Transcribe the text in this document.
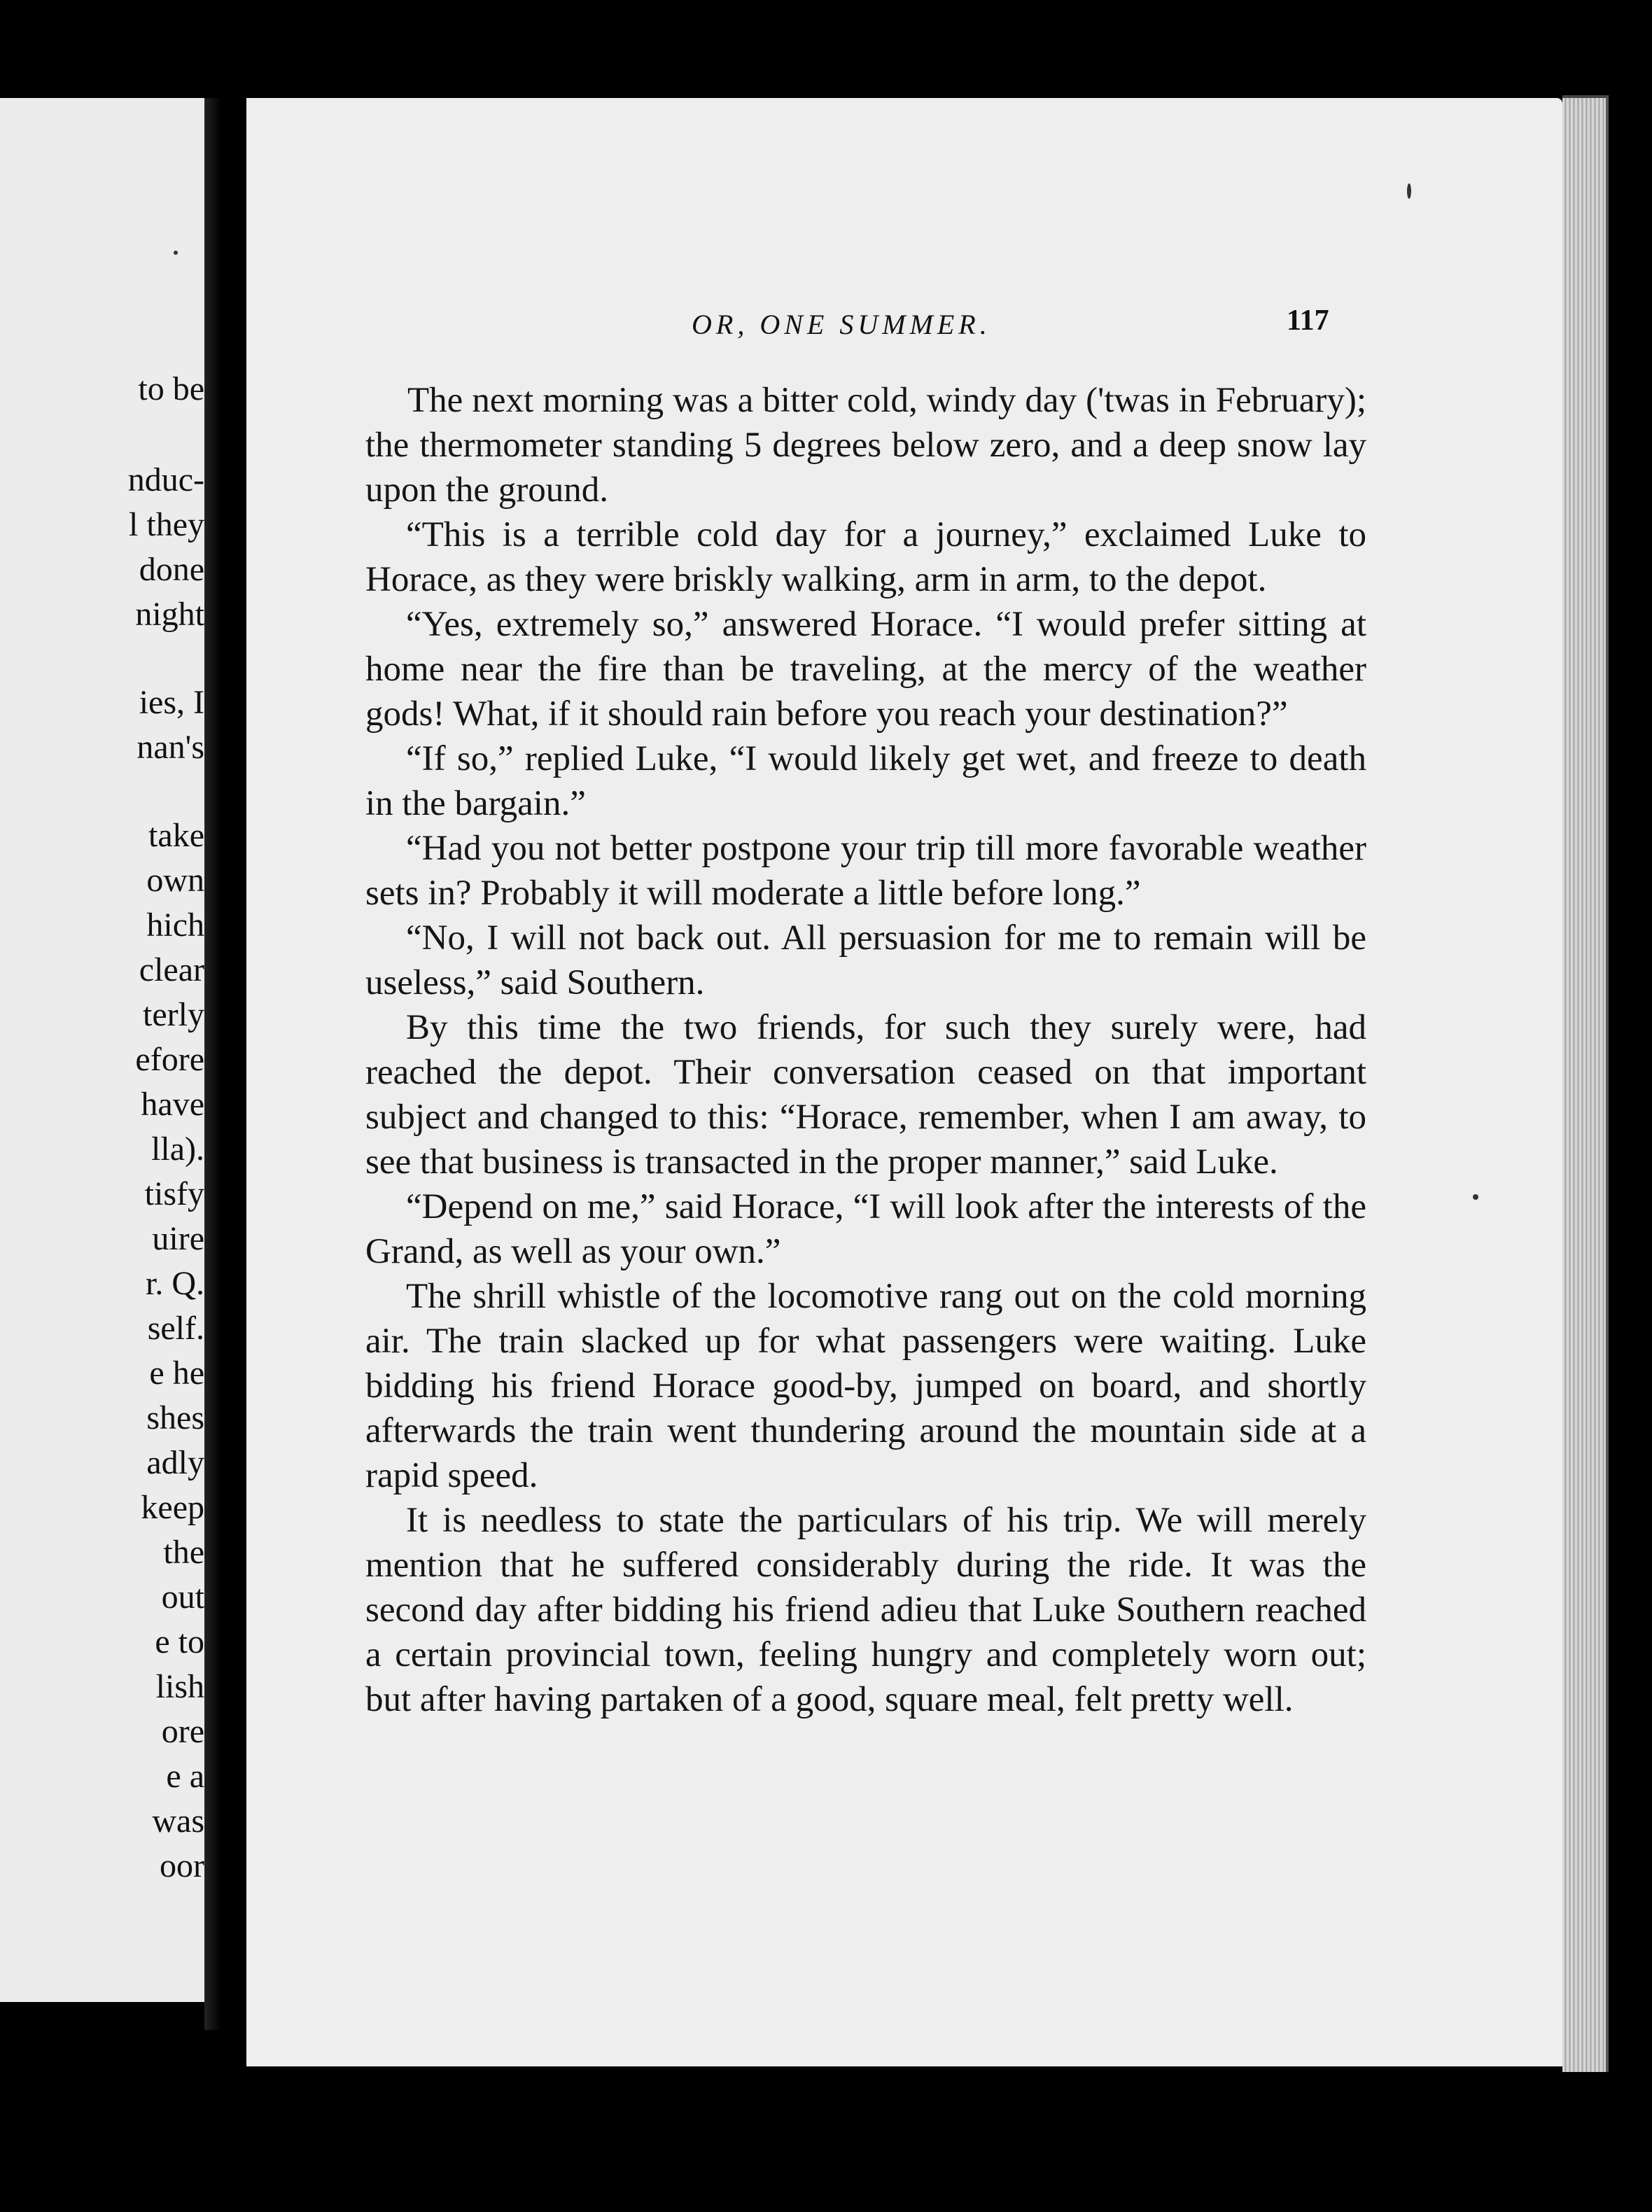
to be
nduc-
l they
done
night
ies, I
nan's
take
own
hich
clear
terly
efore
have
lla).
tisfy
uire
r. Q.
self.
e he
shes
adly
keep
the
out
e to
lish
ore
e a
was
oor
OR, ONE SUMMER.	117

The next morning was a bitter cold, windy day ('twas in February); the thermometer standing 5 degrees below zero, and a deep snow lay upon the ground.

“This is a terrible cold day for a journey,” exclaimed Luke to Horace, as they were briskly walking, arm in arm, to the depot.

“Yes, extremely so,” answered Horace. “I would prefer sitting at home near the fire than be traveling, at the mercy of the weather gods! What, if it should rain before you reach your destination?”

“If so,” replied Luke, “I would likely get wet, and freeze to death in the bargain.”

“Had you not better postpone your trip till more favorable weather sets in? Probably it will moderate a little before long.”

“No, I will not back out. All persuasion for me to remain will be useless,” said Southern.

By this time the two friends, for such they surely were, had reached the depot. Their conversation ceased on that important subject and changed to this: “Horace, remember, when I am away, to see that business is transacted in the proper manner,” said Luke.

“Depend on me,” said Horace, “I will look after the interests of the Grand, as well as your own.”

The shrill whistle of the locomotive rang out on the cold morning air. The train slacked up for what passengers were waiting. Luke bidding his friend Horace good-by, jumped on board, and shortly afterwards the train went thundering around the mountain side at a rapid speed.

It is needless to state the particulars of his trip. We will merely mention that he suffered considerably during the ride. It was the second day after bidding his friend adieu that Luke Southern reached a certain provincial town, feeling hungry and completely worn out; but after having partaken of a good, square meal, felt pretty well.
